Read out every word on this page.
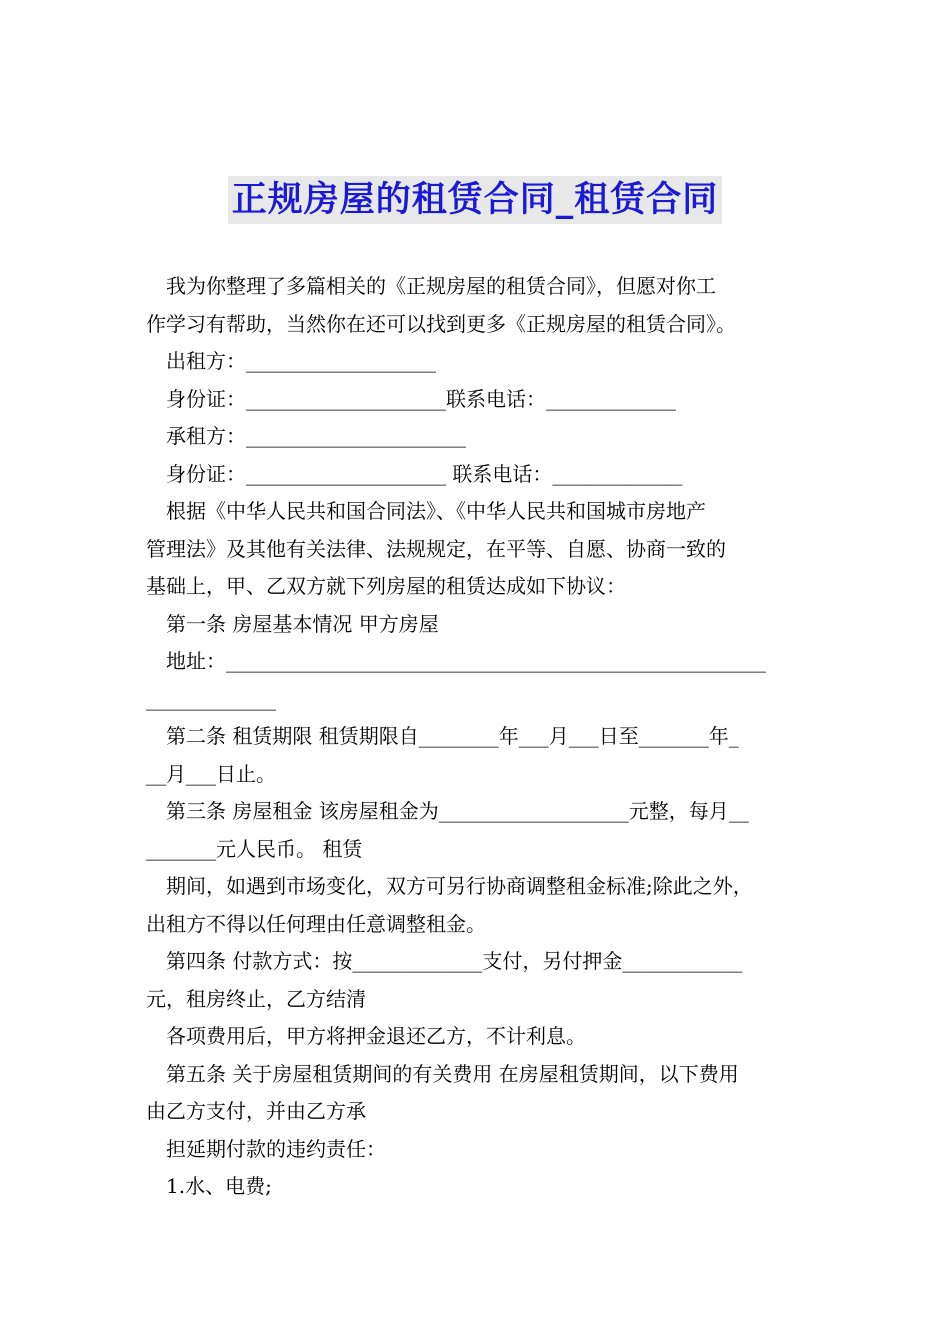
正规房屋的租赁合同_租赁合同
我为你整理了多篇相关的《正规房屋的租赁合同》，但愿对你工
作学习有帮助，当然你在还可以找到更多《正规房屋的租赁合同》。
出租方：___________________
身份证：____________________联系电话：_____________
承租方：______________________
身份证：____________________ 联系电话：_____________
根据《中华人民共和国合同法》、《中华人民共和国城市房地产
管理法》及其他有关法律、法规规定，在平等、自愿、协商一致的
基础上，甲、乙双方就下列房屋的租赁达成如下协议：
第一条 房屋基本情况 甲方房屋
地址：______________________________________________________
_____________
第二条 租赁期限 租赁期限自________年___月___日至_______年_
__月___日止。
第三条 房屋租金 该房屋租金为___________________元整，每月__
_______元人民币。 租赁
期间，如遇到市场变化，双方可另行协商调整租金标准;除此之外，
出租方不得以任何理由任意调整租金。
第四条 付款方式：按_____________支付，另付押金____________
元，租房终止，乙方结清
各项费用后，甲方将押金退还乙方，不计利息。
第五条 关于房屋租赁期间的有关费用 在房屋租赁期间，以下费用
由乙方支付，并由乙方承
担延期付款的违约责任：
1.水、电费;
